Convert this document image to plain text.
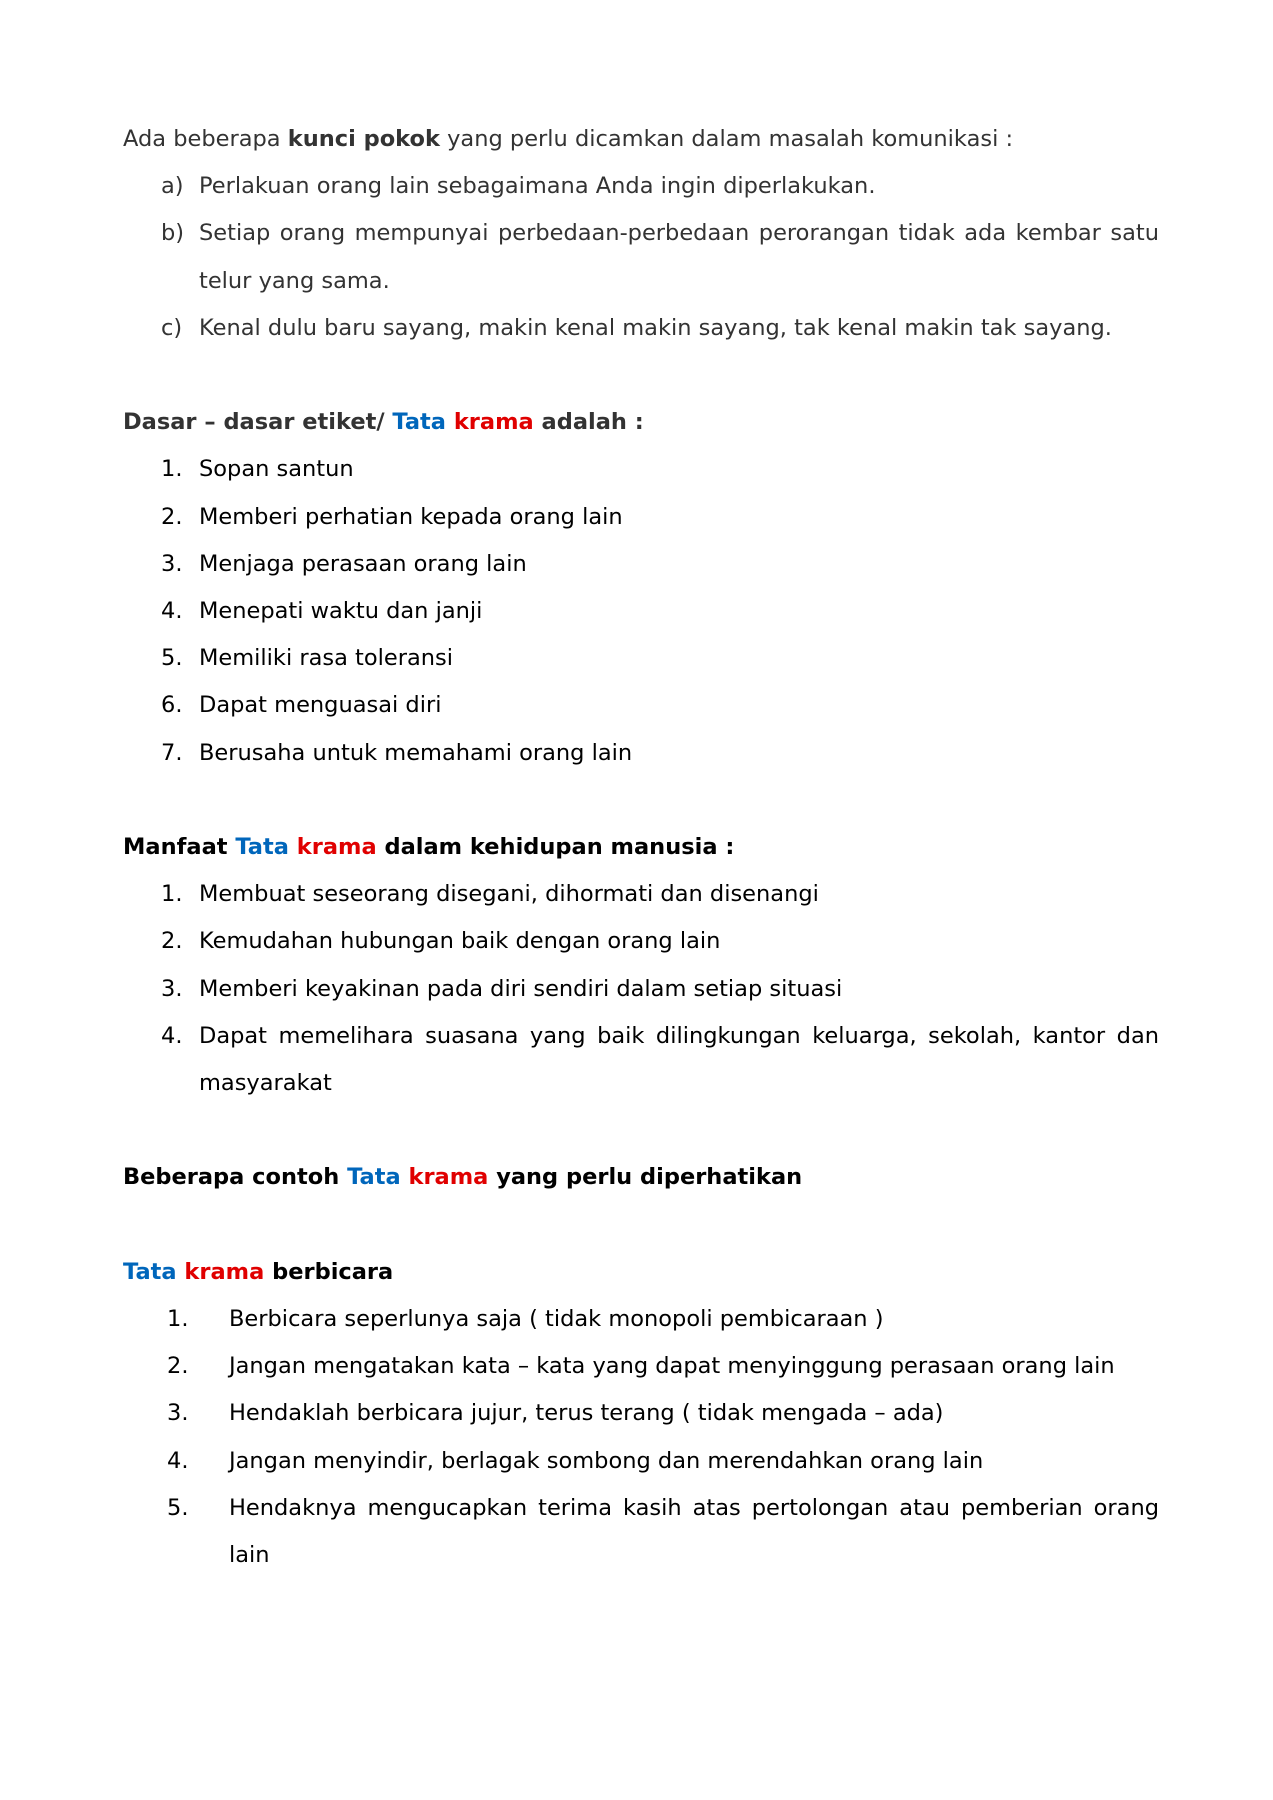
Ada beberapa kunci pokok yang perlu dicamkan dalam masalah komunikasi :
a) Perlakuan orang lain sebagaimana Anda ingin diperlakukan.
b) Setiap orang mempunyai perbedaan-perbedaan perorangan tidak ada kembar satu telur yang sama.
c) Kenal dulu baru sayang, makin kenal makin sayang, tak kenal makin tak sayang.
Dasar – dasar etiket/ Tata krama adalah :
1. Sopan santun
2. Memberi perhatian kepada orang lain
3. Menjaga perasaan orang lain
4. Menepati waktu dan janji
5. Memiliki rasa toleransi
6. Dapat menguasai diri
7. Berusaha untuk memahami orang lain
Manfaat Tata krama dalam kehidupan manusia :
1. Membuat seseorang disegani, dihormati dan disenangi
2. Kemudahan hubungan baik dengan orang lain
3. Memberi keyakinan pada diri sendiri dalam setiap situasi
4. Dapat memelihara suasana yang baik dilingkungan keluarga, sekolah, kantor dan masyarakat
Beberapa contoh Tata krama yang perlu diperhatikan
Tata krama berbicara
1.	Berbicara seperlunya saja ( tidak monopoli pembicaraan )
2.	Jangan mengatakan kata – kata yang dapat menyinggung perasaan orang lain
3.	Hendaklah berbicara jujur, terus terang ( tidak mengada – ada)
4.	Jangan menyindir, berlagak sombong dan merendahkan orang lain
5.	Hendaknya mengucapkan terima kasih atas pertolongan atau pemberian orang lain
